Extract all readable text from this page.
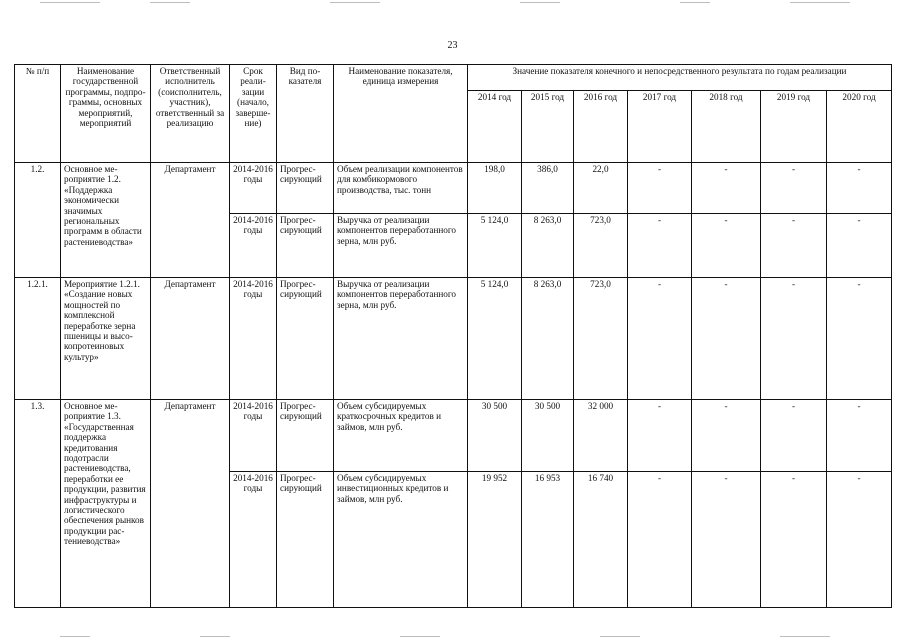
23
№ п/п	Наименование государственной программы, подпрограммы, основных мероприятий, мероприятий	Ответственный исполнитель (соисполнитель, участник), ответственный за реализацию	Срок реализации (начало, завершение)	Вид показателя	Наименование показателя, единица измерения	Значение показателя конечного и непосредственного результата по годам реализации						
						2014 год	2015 год	2016 год	2017 год	2018 год	2019 год	2020 год
1.2.	Основное мероприятие 1.2. «Поддержка экономически значимых региональных программ в области растениеводства»	Департамент	2014-2016 годы	Прогрессирующий	Объем реализации компонентов для комбикормового производства, тыс. тонн	198,0	386,0	22,0	-	-	-	-
			2014-2016 годы	Прогрессирующий	Выручка от реализации компонентов переработанного зерна, млн руб.	5 124,0	8 263,0	723,0	-	-	-	-
1.2.1.	Мероприятие 1.2.1. «Создание новых мощностей по комплексной переработке зерна пшеницы и высокопротеиновых культур»	Департамент	2014-2016 годы	Прогрессирующий	Выручка от реализации компонентов переработанного зерна, млн руб.	5 124,0	8 263,0	723,0	-	-	-	-
1.3.	Основное мероприятие 1.3. «Государственная поддержка кредитования подотрасли растениеводства, переработки ее продукции, развития инфраструктуры и логистического обеспечения рынков продукции растениеводства»	Департамент	2014-2016 годы	Прогрессирующий	Объем субсидируемых краткосрочных кредитов и займов, млн руб.	30 500	30 500	32 000	-	-	-	-
			2014-2016 годы	Прогрессирующий	Объем субсидируемых инвестиционных кредитов и займов, млн руб.	19 952	16 953	16 740	-	-	-	-
